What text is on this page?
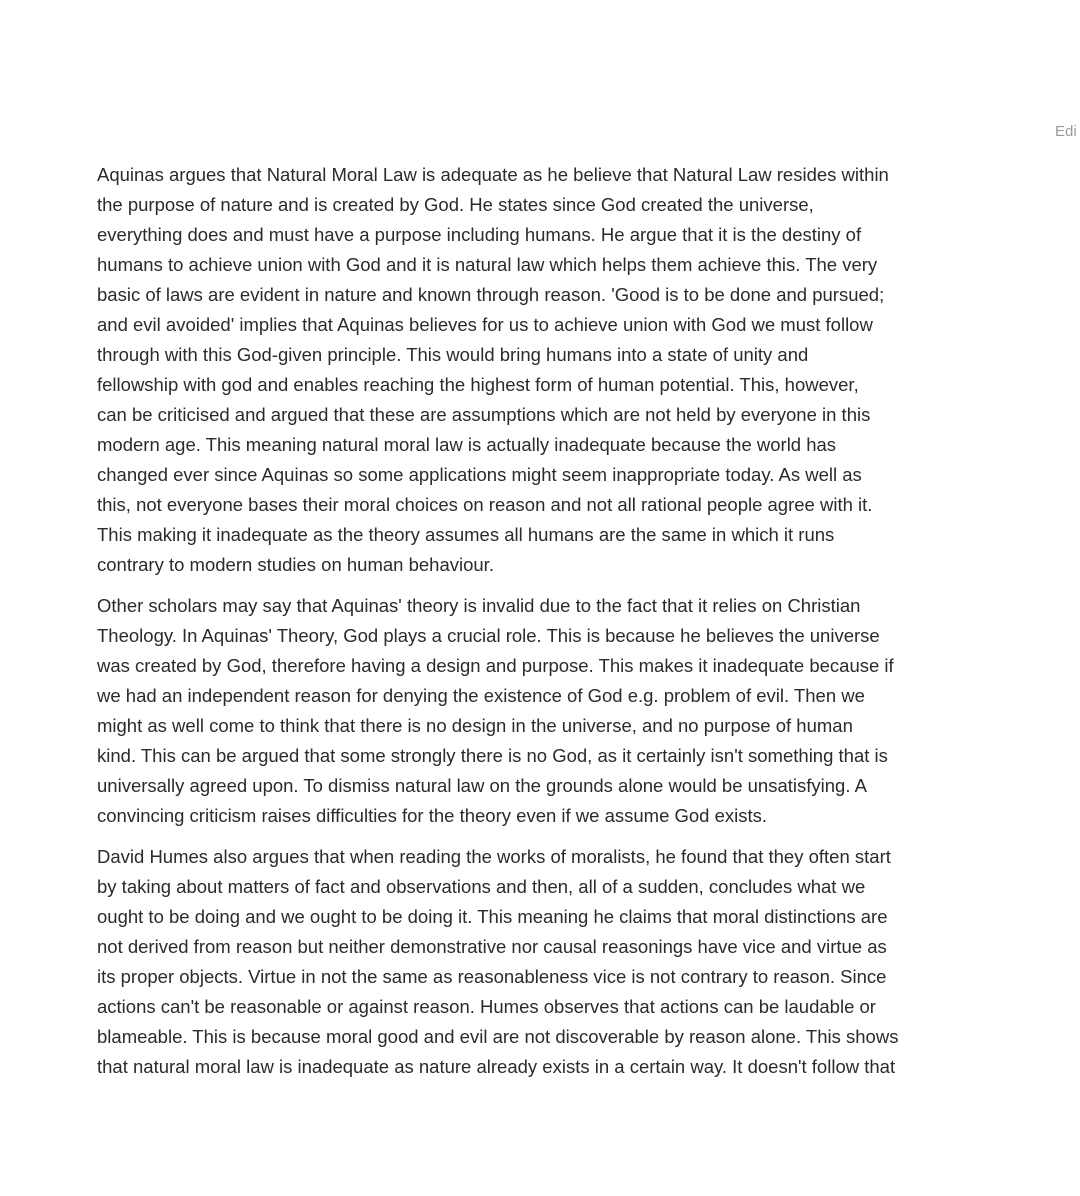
Edi
Aquinas argues that Natural Moral Law is adequate as he believe that Natural Law resides within
the purpose of nature and is created by God. He states since God created the universe,
everything does and must have a purpose including humans. He argue that it is the destiny of
humans to achieve union with God and it is natural law which helps them achieve this. The very
basic of laws are evident in nature and known through reason. 'Good is to be done and pursued;
and evil avoided' implies that Aquinas believes for us to achieve union with God we must follow
through with this God-given principle. This would bring humans into a state of unity and
fellowship with god and enables reaching the highest form of human potential. This, however,
can be criticised and argued that these are assumptions which are not held by everyone in this
modern age. This meaning natural moral law is actually inadequate because the world has
changed ever since Aquinas so some applications might seem inappropriate today. As well as
this, not everyone bases their moral choices on reason and not all rational people agree with it.
This making it inadequate as the theory assumes all humans are the same in which it runs
contrary to modern studies on human behaviour.
Other scholars may say that Aquinas' theory is invalid due to the fact that it relies on Christian
Theology. In Aquinas' Theory, God plays a crucial role. This is because he believes the universe
was created by God, therefore having a design and purpose. This makes it inadequate because if
we had an independent reason for denying the existence of God e.g. problem of evil. Then we
might as well come to think that there is no design in the universe, and no purpose of human
kind. This can be argued that some strongly there is no God, as it certainly isn't something that is
universally agreed upon. To dismiss natural law on the grounds alone would be unsatisfying. A
convincing criticism raises difficulties for the theory even if we assume God exists.
David Humes also argues that when reading the works of moralists, he found that they often start
by taking about matters of fact and observations and then, all of a sudden, concludes what we
ought to be doing and we ought to be doing it. This meaning he claims that moral distinctions are
not derived from reason but neither demonstrative nor causal reasonings have vice and virtue as
its proper objects. Virtue in not the same as reasonableness vice is not contrary to reason. Since
actions can't be reasonable or against reason. Humes observes that actions can be laudable or
blameable. This is because moral good and evil are not discoverable by reason alone. This shows
that natural moral law is inadequate as nature already exists in a certain way. It doesn't follow that
